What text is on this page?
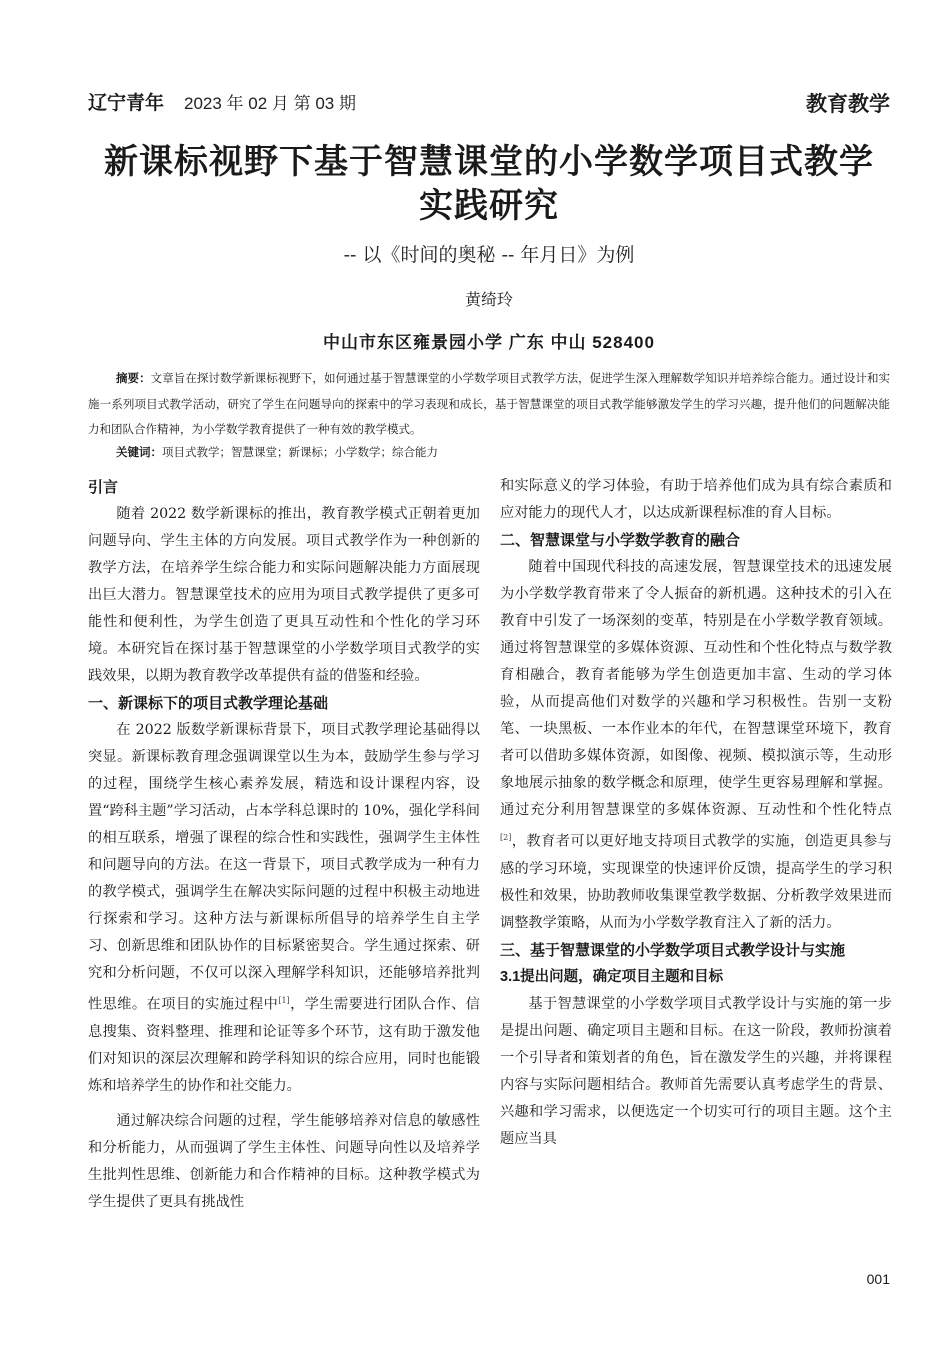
辽宁青年 2023 年 02 月 第 03 期	教育教学
新课标视野下基于智慧课堂的小学数学项目式教学实践研究
-- 以《时间的奥秘 -- 年月日》为例
黄绮玲
中山市东区雍景园小学 广东 中山 528400
摘要：文章旨在探讨数学新课标视野下，如何通过基于智慧课堂的小学数学项目式教学方法，促进学生深入理解数学知识并培养综合能力。通过设计和实施一系列项目式教学活动，研究了学生在问题导向的探索中的学习表现和成长，基于智慧课堂的项目式教学能够激发学生的学习兴趣，提升他们的问题解决能力和团队合作精神，为小学数学教育提供了一种有效的教学模式。
关键词：项目式教学；智慧课堂；新课标；小学数学；综合能力
引言

随着 2022 数学新课标的推出，教育教学模式正朝着更加问题导向、学生主体的方向发展。项目式教学作为一种创新的教学方法，在培养学生综合能力和实际问题解决能力方面展现出巨大潜力。智慧课堂技术的应用为项目式教学提供了更多可能性和便利性，为学生创造了更具互动性和个性化的学习环境。本研究旨在探讨基于智慧课堂的小学数学项目式教学的实践效果，以期为教育教学改革提供有益的借鉴和经验。

一、新课标下的项目式教学理论基础

在 2022 版数学新课标背景下，项目式教学理论基础得以突显。新课标教育理念强调课堂以生为本，鼓励学生参与学习的过程，围绕学生核心素养发展，精选和设计课程内容，设置“跨科主题”学习活动，占本学科总课时的 10%，强化学科间的相互联系，增强了课程的综合性和实践性，强调学生主体性和问题导向的方法。在这一背景下，项目式教学成为一种有力的教学模式，强调学生在解决实际问题的过程中积极主动地进行探索和学习。这种方法与新课标所倡导的培养学生自主学习、创新思维和团队协作的目标紧密契合。学生通过探索、研究和分析问题，不仅可以深入理解学科知识，还能够培养批判性思维。在项目的实施过程中[1]，学生需要进行团队合作、信息搜集、资料整理、推理和论证等多个环节，这有助于激发他们对知识的深层次理解和跨学科知识的综合应用，同时也能锻炼和培养学生的协作和社交能力。

通过解决综合问题的过程，学生能够培养对信息的敏感性和分析能力，从而强调了学生主体性、问题导向性以及培养学生批判性思维、创新能力和合作精神的目标。这种教学模式为学生提供了更具有挑战性

和实际意义的学习体验，有助于培养他们成为具有综合素质和应对能力的现代人才，以达成新课程标准的育人目标。

二、智慧课堂与小学数学教育的融合

随着中国现代科技的高速发展，智慧课堂技术的迅速发展为小学数学教育带来了令人振奋的新机遇。这种技术的引入在教育中引发了一场深刻的变革，特别是在小学数学教育领域。通过将智慧课堂的多媒体资源、互动性和个性化特点与数学教育相融合，教育者能够为学生创造更加丰富、生动的学习体验，从而提高他们对数学的兴趣和学习积极性。告别一支粉笔、一块黑板、一本作业本的年代，在智慧课堂环境下，教育者可以借助多媒体资源，如图像、视频、模拟演示等，生动形象地展示抽象的数学概念和原理，使学生更容易理解和掌握。通过充分利用智慧课堂的多媒体资源、互动性和个性化特点[2]，教育者可以更好地支持项目式教学的实施，创造更具参与感的学习环境，实现课堂的快速评价反馈，提高学生的学习积极性和效果，协助教师收集课堂教学数据、分析教学效果进而调整教学策略，从而为小学数学教育注入了新的活力。

三、基于智慧课堂的小学数学项目式教学设计与实施
3.1提出问题，确定项目主题和目标

基于智慧课堂的小学数学项目式教学设计与实施的第一步是提出问题、确定项目主题和目标。在这一阶段，教师扮演着一个引导者和策划者的角色，旨在激发学生的兴趣，并将课程内容与实际问题相结合。教师首先需要认真考虑学生的背景、兴趣和学习需求，以便选定一个切实可行的项目主题。这个主题应当具

001
